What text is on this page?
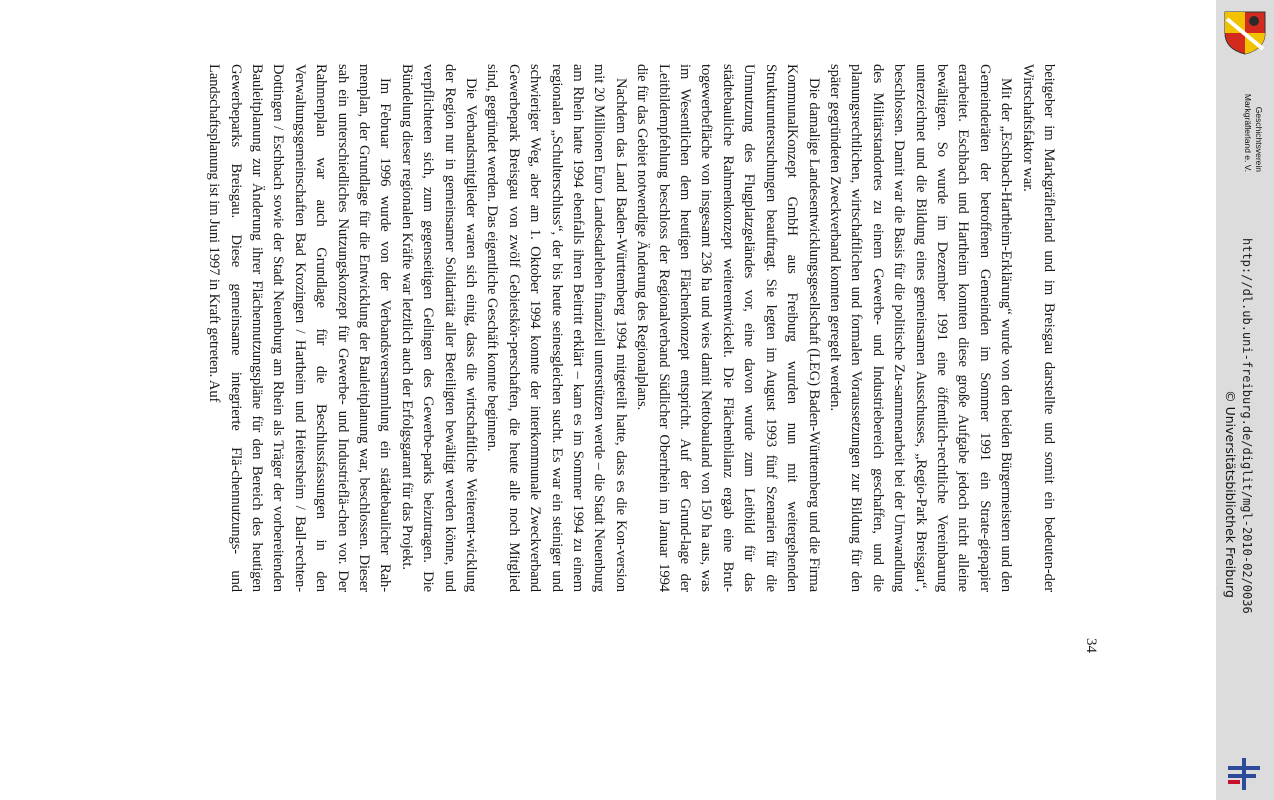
Geschichtsverein
Markgräflerland e. V.
http://dl.ub.uni-freiburg.de/diglit/mgl-2010-02/0036
© Universitätsbibliothek Freiburg

beitgeber im Markgräflerland und im Breisgau darstellte und somit ein bedeuten-der Wirtschaftsfaktor war.

Mit der „Eschbach-Hartheim-Erklärung“ wurde von den beiden Bürgermeistern und den Gemeinderäten der betroffenen Gemeinden im Sommer 1991 ein Strate-giepapier erarbeitet. Eschbach und Hartheim konnten diese große Aufgabe jedoch nicht alleine bewältigen. So wurde im Dezember 1991 eine öffentlich-rechtliche Vereinbarung unterzeichnet und die Bildung eines gemeinsamen Ausschusses, „Regio-Park Breisgau“, beschlossen. Damit war die Basis für die politische Zu-sammenarbeit bei der Umwandlung des Militärstandortes zu einem Gewerbe- und Industriebereich geschaffen, und die planungsrechtlichen, wirtschaftlichen und formalen Voraussetzungen zur Bildung für den später gegründeten Zweckverband konnten geregelt werden.

Die damalige Landesentwicklungsgesellschaft (LEG) Baden-Württemberg und die Firma KommunalKonzept GmbH aus Freiburg wurden nun mit weitergehenden Strukturuntersuchungen beauftragt. Sie legten im August 1993 fünf Szenarien für die Umnutzung des Flugplatzgeländes vor, eine davon wurde zum Leitbild für das städtebauliche Rahmenkonzept weiterentwickelt. Die Flächenbilanz ergab eine Brut-togewerbefläche von insgesamt 236 ha und wies damit Nettobauland von 150 ha aus, was im Wesentlichen dem heutigen Flächenkonzept entspricht. Auf der Grund-lage der Leitbildempfehlung beschloss der Regionalverband Südlicher Oberrhein im Januar 1994 die für das Gebiet notwendige Änderung des Regionalplans.

Nachdem das Land Baden-Württemberg 1994 mitgeteilt hatte, dass es die Kon-version mit 20 Millionen Euro Landesdarlehen finanziell unterstützen werde – die Stadt Neuenburg am Rhein hatte 1994 ebenfalls ihren Beitritt erklärt – kam es im Sommer 1994 zu einem regionalen „Schulterschluss“, der bis heute seinesgleichen sucht. Es war ein steiniger und schwieriger Weg, aber am 1. Oktober 1994 konnte der interkommunale Zweckverband Gewerbepark Breisgau von zwölf Gebietskör-perschaften, die heute alle noch Mitglied sind, gegründet werden. Das eigentliche Geschäft konnte beginnen.

Die Verbandsmitglieder waren sich einig, dass die wirtschaftliche Weiterent-wicklung der Region nur in gemeinsamer Solidarität aller Beteiligten bewältigt werden könne, und verpflichteten sich, zum gegenseitigen Gelingen des Gewerbe-parks beizutragen. Die Bündelung dieser regionalen Kräfte war letztlich auch der Erfolgsgarant für das Projekt.

Im Februar 1996 wurde von der Verbandsversammlung ein städtebaulicher Rah-menplan, der Grundlage für die Entwicklung der Bauleitplanung war, beschlossen. Dieser sah ein unterschiedliches Nutzungskonzept für Gewerbe- und Industrieflä-chen vor. Der Rahmenplan war auch Grundlage für die Beschlussfassungen in den Verwaltungsgemeinschaften Bad Krozingen / Hartheim und Heitersheim / Ball-rechten-Dottingen / Eschbach sowie der Stadt Neuenburg am Rhein als Träger der vorbereitenden Bauleitplanung zur Änderung ihrer Flächennutzungspläne für den Bereich des heutigen Gewerbeparks Breisgau. Diese gemeinsame integrierte Flä-chennutzungs- und Landschaftsplanung ist im Juni 1997 in Kraft getreten. Auf

34
